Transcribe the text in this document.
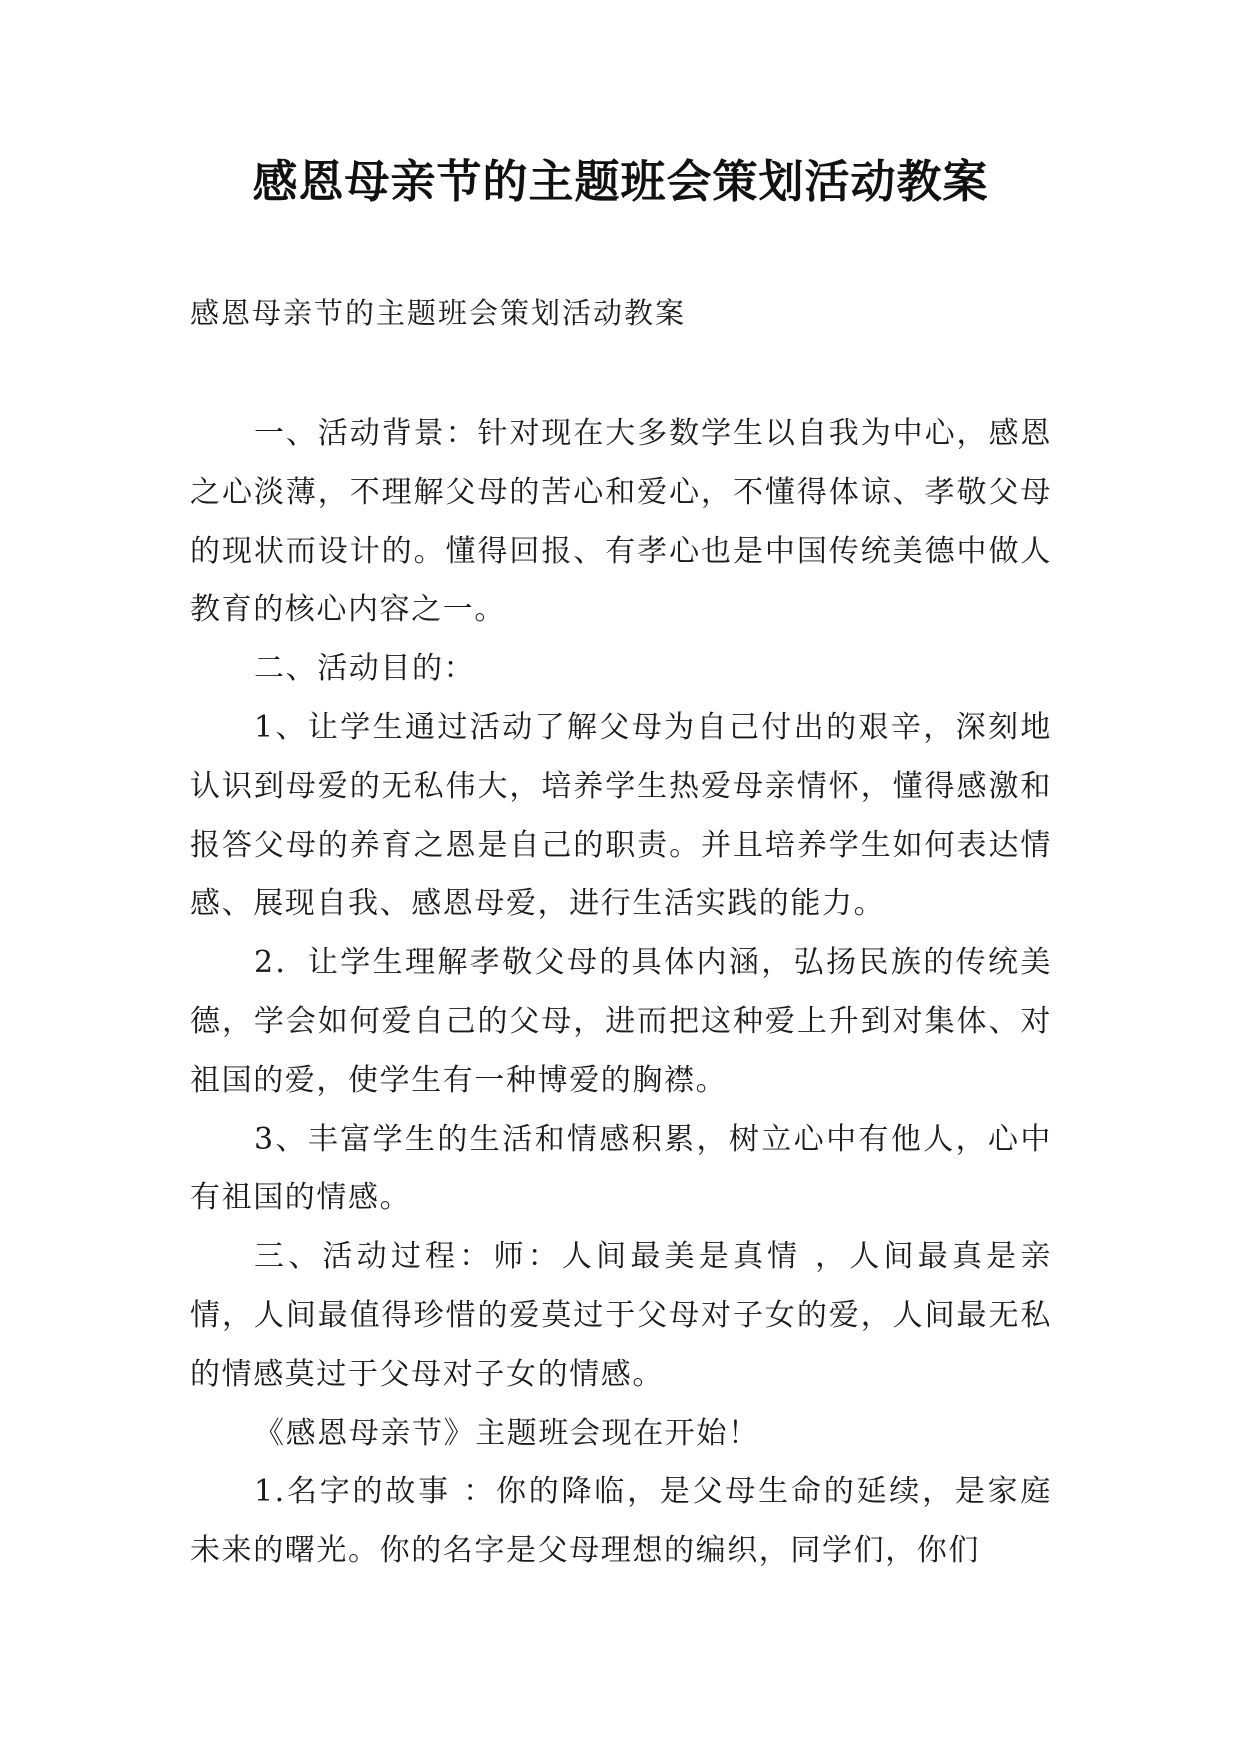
感恩母亲节的主题班会策划活动教案

感恩母亲节的主题班会策划活动教案

一、活动背景：针对现在大多数学生以自我为中心，感恩之心淡薄，不理解父母的苦心和爱心，不懂得体谅、孝敬父母的现状而设计的。懂得回报、有孝心也是中国传统美德中做人教育的核心内容之一。

二、活动目的：

1、让学生通过活动了解父母为自己付出的艰辛，深刻地认识到母爱的无私伟大，培养学生热爱母亲情怀，懂得感激和报答父母的养育之恩是自己的职责。并且培养学生如何表达情感、展现自我、感恩母爱，进行生活实践的能力。

2．让学生理解孝敬父母的具体内涵，弘扬民族的传统美德，学会如何爱自己的父母，进而把这种爱上升到对集体、对祖国的爱，使学生有一种博爱的胸襟。

3、丰富学生的生活和情感积累，树立心中有他人，心中有祖国的情感。

三、活动过程：师：人间最美是真情 ，人间最真是亲情，人间最值得珍惜的爱莫过于父母对子女的爱，人间最无私的情感莫过于父母对子女的情感。

《感恩母亲节》主题班会现在开始！

1.名字的故事 ：你的降临，是父母生命的延续，是家庭未来的曙光。你的名字是父母理想的编织，同学们，你们
